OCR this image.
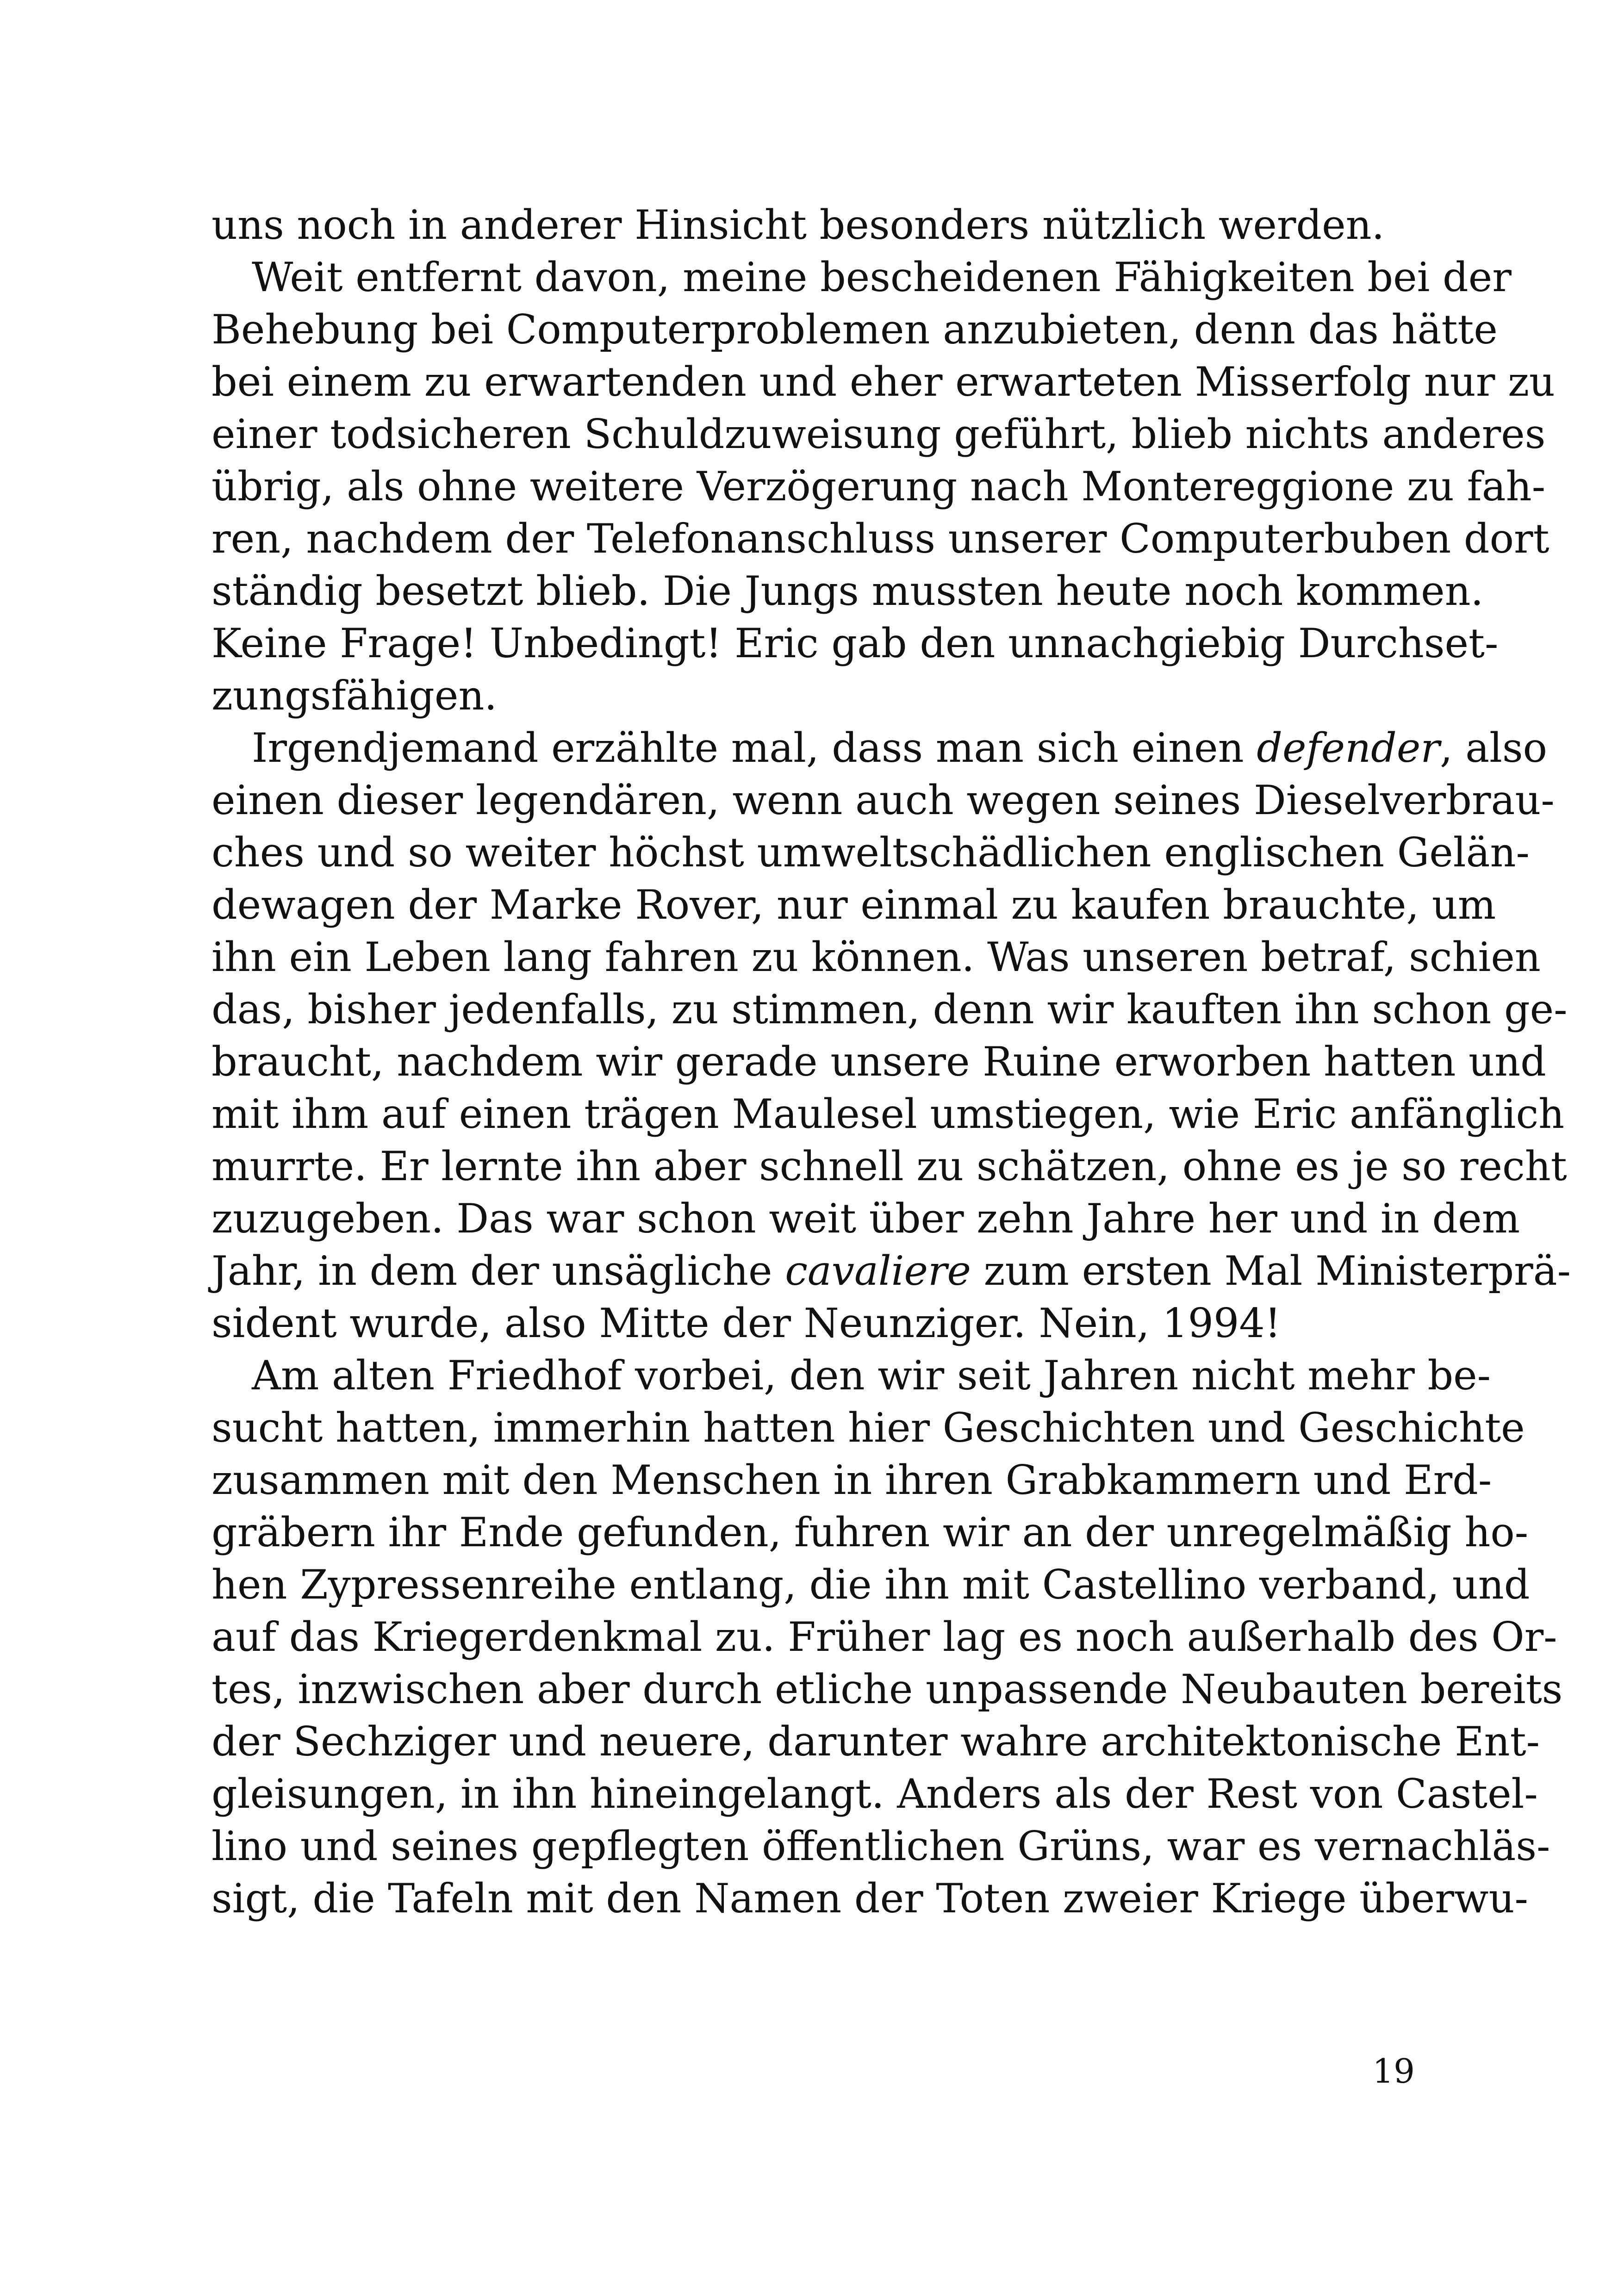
uns noch in anderer Hinsicht besonders nützlich werden.
Weit entfernt davon, meine bescheidenen Fähigkeiten bei der
Behebung bei Computerproblemen anzubieten, denn das hätte
bei einem zu erwartenden und eher erwarteten Misserfolg nur zu
einer todsicheren Schuldzuweisung geführt, blieb nichts anderes
übrig, als ohne weitere Verzögerung nach Montereggione zu fah-
ren, nachdem der Telefonanschluss unserer Computerbuben dort
ständig besetzt blieb. Die Jungs mussten heute noch kommen.
Keine Frage! Unbedingt! Eric gab den unnachgiebig Durchset-
zungsfähigen.
Irgendjemand erzählte mal, dass man sich einen defender, also
einen dieser legendären, wenn auch wegen seines Dieselverbrau-
ches und so weiter höchst umweltschädlichen englischen Gelän-
dewagen der Marke Rover, nur einmal zu kaufen brauchte, um
ihn ein Leben lang fahren zu können. Was unseren betraf, schien
das, bisher jedenfalls, zu stimmen, denn wir kauften ihn schon ge-
braucht, nachdem wir gerade unsere Ruine erworben hatten und
mit ihm auf einen trägen Maulesel umstiegen, wie Eric anfänglich
murrte. Er lernte ihn aber schnell zu schätzen, ohne es je so recht
zuzugeben. Das war schon weit über zehn Jahre her und in dem
Jahr, in dem der unsägliche cavaliere zum ersten Mal Ministerprä-
sident wurde, also Mitte der Neunziger. Nein, 1994!
Am alten Friedhof vorbei, den wir seit Jahren nicht mehr be-
sucht hatten, immerhin hatten hier Geschichten und Geschichte
zusammen mit den Menschen in ihren Grabkammern und Erd-
gräbern ihr Ende gefunden, fuhren wir an der unregelmäßig ho-
hen Zypressenreihe entlang, die ihn mit Castellino verband, und
auf das Kriegerdenkmal zu. Früher lag es noch außerhalb des Or-
tes, inzwischen aber durch etliche unpassende Neubauten bereits
der Sechziger und neuere, darunter wahre architektonische Ent-
gleisungen, in ihn hineingelangt. Anders als der Rest von Castel-
lino und seines gepflegten öffentlichen Grüns, war es vernachläs-
sigt, die Tafeln mit den Namen der Toten zweier Kriege überwu-
19
